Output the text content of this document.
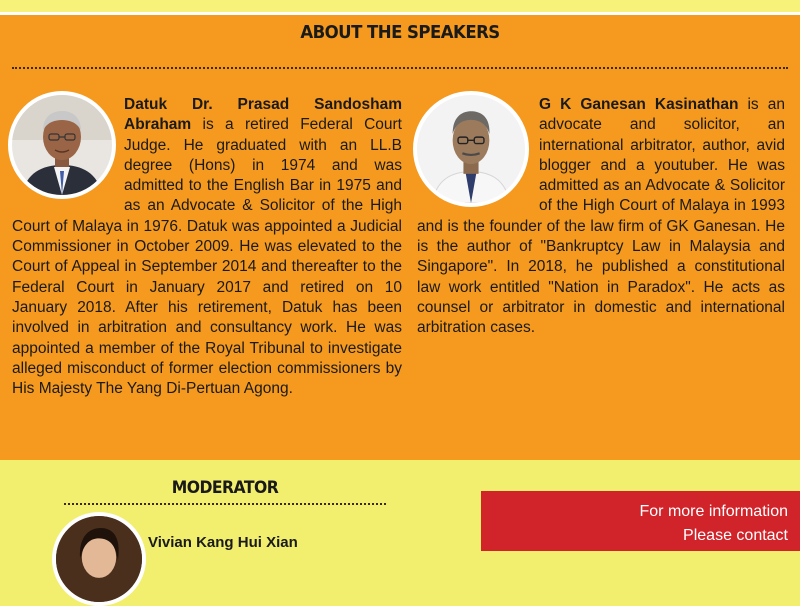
ABOUT THE SPEAKERS
Datuk Dr. Prasad Sandosham Abraham is a retired Federal Court Judge. He graduated with an LL.B degree (Hons) in 1974 and was admitted to the English Bar in 1975 and as an Advocate & Solicitor of the High Court of Malaya in 1976. Datuk was appointed a Judicial Commissioner in October 2009. He was elevated to the Court of Appeal in September 2014 and thereafter to the Federal Court in January 2017 and retired on 10 January 2018. After his retirement, Datuk has been involved in arbitration and consultancy work. He was appointed a member of the Royal Tribunal to investigate alleged misconduct of former election commissioners by His Majesty The Yang Di-Pertuan Agong.
G K Ganesan Kasinathan is an advocate and solicitor, an international arbitrator, author, avid blogger and a youtuber. He was admitted as an Advocate & Solicitor of the High Court of Malaya in 1993 and is the founder of the law firm of GK Ganesan. He is the author of "Bankruptcy Law in Malaysia and Singapore". In 2018, he published a constitutional law work entitled "Nation in Paradox". He acts as counsel or arbitrator in domestic and international arbitration cases.
MODERATOR
Vivian Kang Hui Xian
For more information
Please contact
